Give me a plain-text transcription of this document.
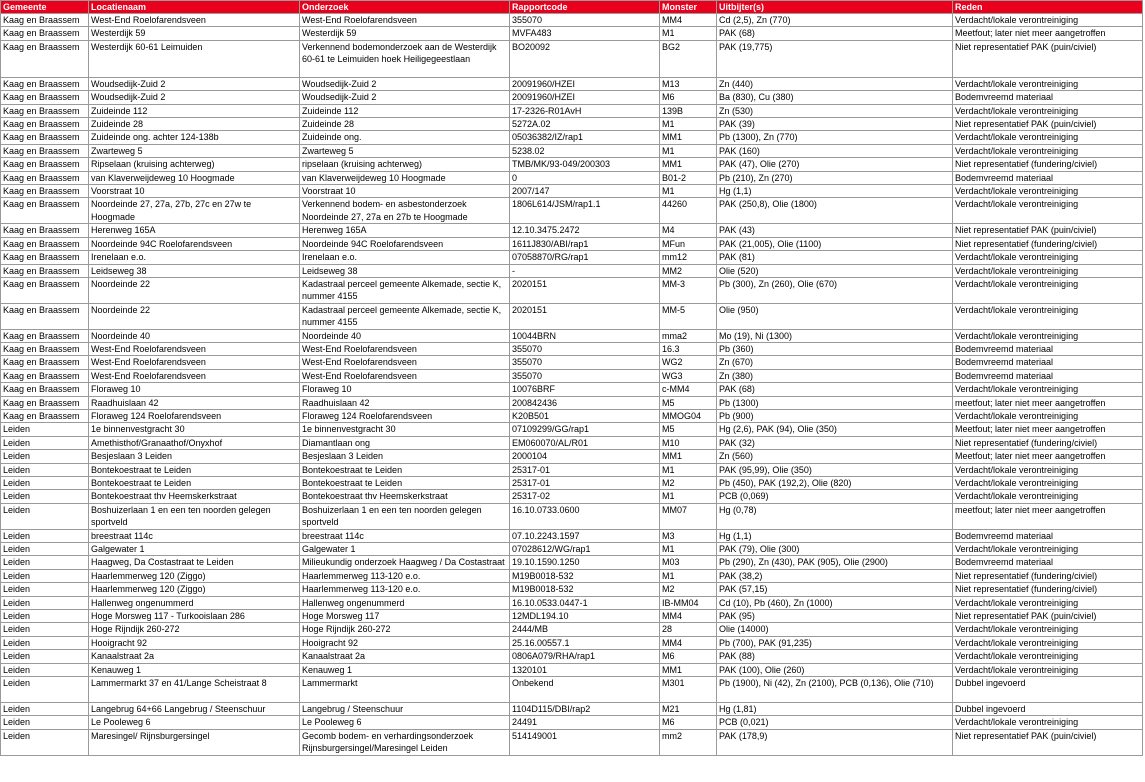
Gemeente	Locatienaam	Onderzoek	Rapportcode	Monster	Uitbijter(s)	Reden
Kaag en Braassem	West-End Roelofarendsveen	West-End Roelofarendsveen	355070	MM4	Cd (2,5), Zn (770)	Verdacht/lokale verontreiniging
Kaag en Braassem	Westerdijk 59	Westerdijk 59	MVFA483	M1	PAK (68)	Meetfout; later niet meer aangetroffen
Kaag en Braassem	Westerdijk 60-61 Leimuiden	Verkennend bodemonderzoek aan de Westerdijk 60-61 te Leimuiden hoek Heiligegeestlaan	BO20092	BG2	PAK (19,775)	Niet representatief PAK (puin/civiel)
Kaag en Braassem	Woudsedijk-Zuid 2	Woudsedijk-Zuid 2	20091960/HZEI	M13	Zn (440)	Verdacht/lokale verontreiniging
Kaag en Braassem	Woudsedijk-Zuid 2	Woudsedijk-Zuid 2	20091960/HZEI	M6	Ba (830), Cu (380)	Bodemvreemd materiaal
Kaag en Braassem	Zuideinde 112	Zuideinde 112	17-2326-R01AvH	139B	Zn (530)	Verdacht/lokale verontreiniging
Kaag en Braassem	Zuideinde 28	Zuideinde 28	5272A.02	M1	PAK (39)	Niet representatief PAK (puin/civiel)
Kaag en Braassem	Zuideinde ong. achter 124-138b	Zuideinde ong.	05036382/IZ/rap1	MM1	Pb (1300), Zn (770)	Verdacht/lokale verontreiniging
Kaag en Braassem	Zwarteweg 5	Zwarteweg 5	5238.02	M1	PAK (160)	Verdacht/lokale verontreiniging
Kaag en Braassem	Ripselaan (kruising achterweg)	ripselaan (kruising achterweg)	TMB/MK/93-049/200303	MM1	PAK (47), Olie (270)	Niet representatief (fundering/civiel)
Kaag en Braassem	van Klaverweijdeweg 10 Hoogmade	van Klaverweijdeweg 10 Hoogmade	0	B01-2	Pb (210), Zn (270)	Bodemvreemd materiaal
Kaag en Braassem	Voorstraat 10	Voorstraat 10	2007/147	M1	Hg (1,1)	Verdacht/lokale verontreiniging
Kaag en Braassem	Noordeinde 27, 27a, 27b, 27c en 27w te Hoogmade	Verkennend bodem- en asbestonderzoek Noordeinde 27, 27a en 27b te Hoogmade	1806L614/JSM/rap1.1	44260	PAK (250,8), Olie (1800)	Verdacht/lokale verontreiniging
Kaag en Braassem	Herenweg 165A	Herenweg 165A	12.10.3475.2472	M4	PAK (43)	Niet representatief PAK (puin/civiel)
Kaag en Braassem	Noordeinde 94C Roelofarendsveen	Noordeinde 94C Roelofarendsveen	1611J830/ABI/rap1	MFun	PAK (21,005), Olie (1100)	Niet representatief (fundering/civiel)
Kaag en Braassem	Irenelaan e.o.	Irenelaan e.o.	07058870/RG/rap1	mm12	PAK (81)	Verdacht/lokale verontreiniging
Kaag en Braassem	Leidseweg 38	Leidseweg 38	-	MM2	Olie (520)	Verdacht/lokale verontreiniging
Kaag en Braassem	Noordeinde 22	Kadastraal perceel gemeente Alkemade, sectie K, nummer 4155	2020151	MM-3	Pb (300), Zn (260), Olie (670)	Verdacht/lokale verontreiniging
Kaag en Braassem	Noordeinde 22	Kadastraal perceel gemeente Alkemade, sectie K, nummer 4155	2020151	MM-5	Olie (950)	Verdacht/lokale verontreiniging
Kaag en Braassem	Noordeinde 40	Noordeinde 40	10044BRN	mma2	Mo (19), Ni (1300)	Verdacht/lokale verontreiniging
Kaag en Braassem	West-End Roelofarendsveen	West-End Roelofarendsveen	355070	16.3	Pb (360)	Bodemvreemd materiaal
Kaag en Braassem	West-End Roelofarendsveen	West-End Roelofarendsveen	355070	WG2	Zn (670)	Bodemvreemd materiaal
Kaag en Braassem	West-End Roelofarendsveen	West-End Roelofarendsveen	355070	WG3	Zn (380)	Bodemvreemd materiaal
Kaag en Braassem	Floraweg 10	Floraweg 10	10076BRF	c-MM4	PAK (68)	Verdacht/lokale verontreiniging
Kaag en Braassem	Raadhuislaan 42	Raadhuislaan 42	200842436	M5	Pb (1300)	meetfout; later niet meer aangetroffen
Kaag en Braassem	Floraweg 124 Roelofarendsveen	Floraweg 124 Roelofarendsveen	K20B501	MMOG04	Pb (900)	Verdacht/lokale verontreiniging
Leiden	1e binnenvestgracht 30	1e binnenvestgracht 30	07109299/GG/rap1	M5	Hg (2,6), PAK (94), Olie (350)	Meetfout; later niet meer aangetroffen
Leiden	Amethisthof/Granaathof/Onyxhof	Diamantlaan ong	EM060070/AL/R01	M10	PAK (32)	Niet representatief (fundering/civiel)
Leiden	Besjeslaan 3 Leiden	Besjeslaan 3 Leiden	2000104	MM1	Zn (560)	Meetfout; later niet meer aangetroffen
Leiden	Bontekoestraat te Leiden	Bontekoestraat te Leiden	25317-01	M1	PAK (95,99), Olie (350)	Verdacht/lokale verontreiniging
Leiden	Bontekoestraat te Leiden	Bontekoestraat te Leiden	25317-01	M2	Pb (450), PAK (192,2), Olie (820)	Verdacht/lokale verontreiniging
Leiden	Bontekoestraat thv Heemskerkstraat	Bontekoestraat thv Heemskerkstraat	25317-02	M1	PCB (0,069)	Verdacht/lokale verontreiniging
Leiden	Boshuizerlaan 1 en een ten noorden gelegen sportveld	Boshuizerlaan 1 en een ten noorden gelegen sportveld	16.10.0733.0600	MM07	Hg (0,78)	meetfout; later niet meer aangetroffen
Leiden	breestraat 114c	breestraat 114c	07.10.2243.1597	M3	Hg (1,1)	Bodemvreemd materiaal
Leiden	Galgewater 1	Galgewater 1	07028612/WG/rap1	M1	PAK (79), Olie (300)	Verdacht/lokale verontreiniging
Leiden	Haagweg, Da Costastraat te Leiden	Milieukundig onderzoek Haagweg / Da Costastraat	19.10.1590.1250	M03	Pb (290), Zn (430), PAK (905), Olie (2900)	Bodemvreemd materiaal
Leiden	Haarlemmerweg 120 (Ziggo)	Haarlemmerweg 113-120 e.o.	M19B0018-532	M1	PAK (38,2)	Niet representatief (fundering/civiel)
Leiden	Haarlemmerweg 120 (Ziggo)	Haarlemmerweg 113-120 e.o.	M19B0018-532	M2	PAK (57,15)	Niet representatief (fundering/civiel)
Leiden	Hallenweg ongenummerd	Hallenweg ongenummerd	16.10.0533.0447-1	IB-MM04	Cd (10), Pb (460), Zn (1000)	Verdacht/lokale verontreiniging
Leiden	Hoge Morsweg 117 - Turkooislaan 286	Hoge Morsweg 117	12MDL194.10	MM4	PAK (95)	Niet representatief PAK (puin/civiel)
Leiden	Hoge Rijndijk 260-272	Hoge Rijndijk 260-272	2444/MB	28	Olie (14000)	Verdacht/lokale verontreiniging
Leiden	Hooigracht 92	Hooigracht 92	25.16.00557.1	MM4	Pb (700), PAK (91,235)	Verdacht/lokale verontreiniging
Leiden	Kanaalstraat 2a	Kanaalstraat 2a	0806A079/RHA/rap1	M6	PAK (88)	Verdacht/lokale verontreiniging
Leiden	Kenauweg 1	Kenauweg 1	1320101	MM1	PAK (100), Olie (260)	Verdacht/lokale verontreiniging
Leiden	Lammermarkt 37 en 41/Lange Scheistraat 8	Lammermarkt	Onbekend	M301	Pb (1900), Ni (42), Zn (2100), PCB (0,136), Olie (710)	Dubbel ingevoerd
Leiden	Langebrug 64+66 Langebrug / Steenschuur	Langebrug / Steenschuur	1104D115/DBI/rap2	M21	Hg (1,81)	Dubbel ingevoerd
Leiden	Le Pooleweg 6	Le Pooleweg 6	24491	M6	PCB (0,021)	Verdacht/lokale verontreiniging
Leiden	Maresingel/ Rijnsburgersingel	Gecomb bodem- en verhardingsonderzoek Rijnsburgersingel/Maresingel Leiden	514149001	mm2	PAK (178,9)	Niet representatief PAK (puin/civiel)
